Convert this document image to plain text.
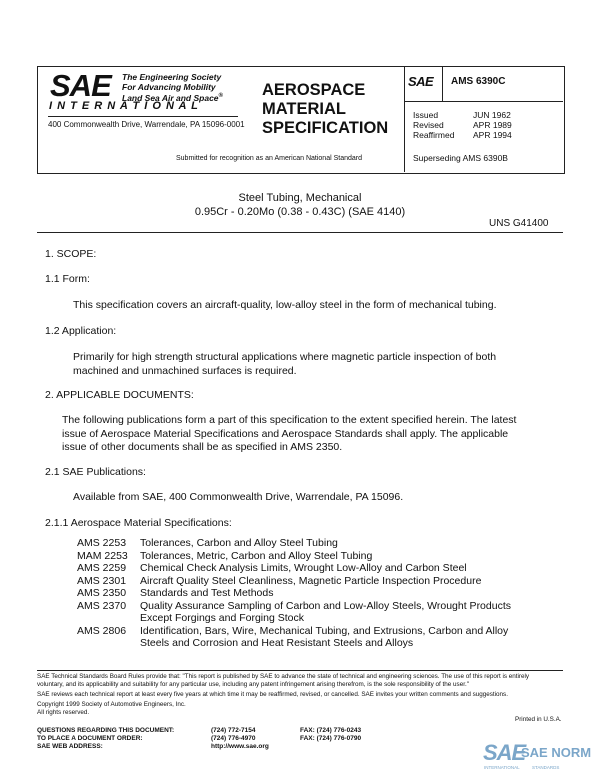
SAE The Engineering Society
For Advancing Mobility
Land Sea Air and Space®
I N T E R N A T I O N A L
400 Commonwealth Drive, Warrendale, PA 15096-0001
AEROSPACE
MATERIAL
SPECIFICATION
Submitted for recognition as an American National Standard
SAE AMS 6390C
Issued	JUN 1962
Revised	APR 1989
Reaffirmed APR 1994
Superseding AMS 6390B
Steel Tubing, Mechanical
0.95Cr - 0.20Mo (0.38 - 0.43C) (SAE 4140)
UNS G41400
1. SCOPE:
1.1 Form:
This specification covers an aircraft-quality, low-alloy steel in the form of mechanical tubing.
1.2 Application:
Primarily for high strength structural applications where magnetic particle inspection of both
machined and unmachined surfaces is required.
2. APPLICABLE DOCUMENTS:
The following publications form a part of this specification to the extent specified herein. The latest
issue of Aerospace Material Specifications and Aerospace Standards shall apply. The applicable
issue of other documents shall be as specified in AMS 2350.
2.1 SAE Publications:
Available from SAE, 400 Commonwealth Drive, Warrendale, PA 15096.
2.1.1 Aerospace Material Specifications:
AMS 2253	Tolerances, Carbon and Alloy Steel Tubing
MAM 2253	Tolerances, Metric, Carbon and Alloy Steel Tubing
AMS 2259	Chemical Check Analysis Limits, Wrought Low-Alloy and Carbon Steel
AMS 2301	Aircraft Quality Steel Cleanliness, Magnetic Particle Inspection Procedure
AMS 2350	Standards and Test Methods
AMS 2370	Quality Assurance Sampling of Carbon and Low-Alloy Steels, Wrought Products
Except Forgings and Forging Stock

AMS 2806	Identification, Bars, Wire, Mechanical Tubing, and Extrusions, Carbon and Alloy
Steels and Corrosion and Heat Resistant Steels and Alloys
SAE Technical Standards Board Rules provide that: "This report is published by SAE to advance the state of technical and engineering sciences. The use of this report is entirely
voluntary, and its applicability and suitability for any particular use, including any patent infringement arising therefrom, is the sole responsibility of the user."
SAE reviews each technical report at least every five years at which time it may be reaffirmed, revised, or cancelled. SAE invites your written comments and suggestions.
Copyright 1999 Society of Automotive Engineers, Inc.
All rights reserved.
Printed in U.S.A.
QUESTIONS REGARDING THIS DOCUMENT:	(724) 772-7154	FAX: (724) 776-0243
TO PLACE A DOCUMENT ORDER:	(724) 776-4970	FAX: (724) 776-0790
SAE WEB ADDRESS:	http://www.sae.org	SAE
SAE NORM
INTERNATIONAL          STANDARDS
